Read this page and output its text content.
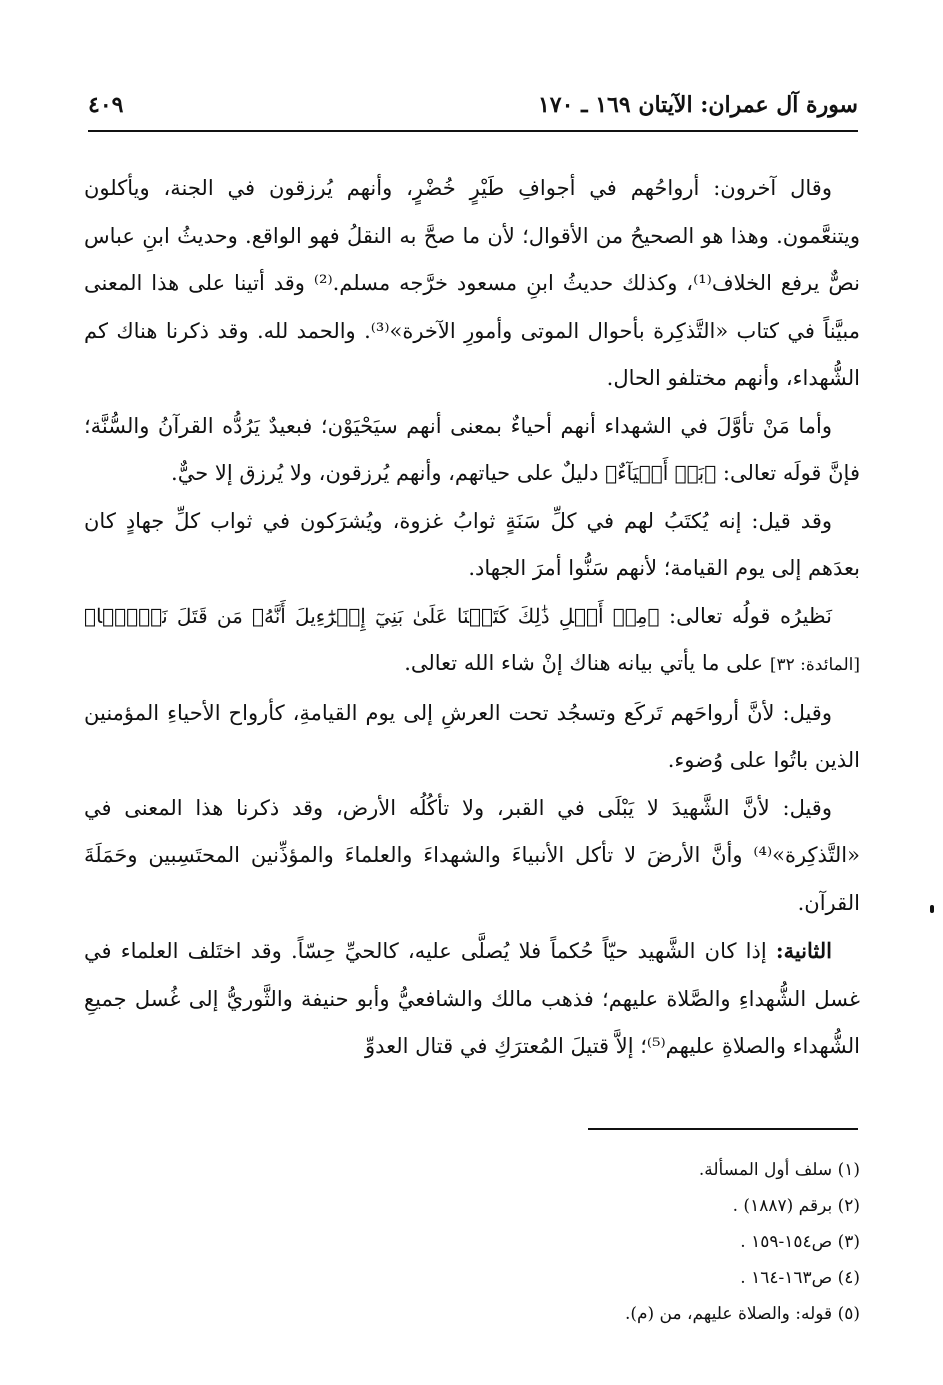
سورة آل عمران: الآيتان ١٦٩ ـ ١٧٠
٤٠٩

وقال آخرون: أرواحُهم في أجوافِ طَيْرٍ خُضْرٍ، وأنهم يُرزقون في الجنة، ويأكلون ويتنعَّمون. وهذا هو الصحيحُ من الأقوال؛ لأن ما صحَّ به النقلُ فهو الواقع. وحديثُ ابنِ عباس نصٌّ يرفع الخلاف⁽¹⁾، وكذلك حديثُ ابنِ مسعود خرَّجه مسلم.⁽²⁾ وقد أتينا على هذا المعنى مبيَّناً في كتاب «التَّذكِرة بأحوال الموتى وأمورِ الآخرة»⁽³⁾. والحمد لله. وقد ذكرنا هناك كم الشُّهداء، وأنهم مختلفو الحال.

وأما مَنْ تأوَّلَ في الشهداء أنهم أحياءٌ بمعنى أنهم سيَحْيَوْن؛ فبعيدٌ يَرُدُّه القرآنُ والسُّنَّة؛ فإنَّ قولَه تعالى: ﴿بَلۡ أَحۡيَآءٌ﴾ دليلٌ على حياتهم، وأنهم يُرزقون، ولا يُرزق إلا حيٌّ.

وقد قيل: إنه يُكتَبُ لهم في كلِّ سَنَةٍ ثوابُ غزوة، ويُشرَكون في ثواب كلِّ جهادٍ كان بعدَهم إلى يوم القيامة؛ لأنهم سَنُّوا أمرَ الجهاد.

نَظيرُه قولُه تعالى: ﴿مِنۡ أَجۡلِ ذَٰلِكَ كَتَبۡنَا عَلَىٰ بَنِيٓ إِسۡرَٰٓءِيلَ أَنَّهُۥ مَن قَتَلَ نَفۡسَۢا﴾ [المائدة: ٣٢] على ما يأتي بيانه هناك إنْ شاء الله تعالى.

وقيل: لأنَّ أرواحَهم تَركَع وتسجُد تحت العرشِ إلى يوم القيامةِ، كأرواح الأحياءِ المؤمنين الذين باتُوا على وُضوء.

وقيل: لأنَّ الشَّهيدَ لا يَبْلَى في القبر، ولا تأكُلُه الأرض، وقد ذكرنا هذا المعنى في «التَّذكِرة»⁽⁴⁾ وأنَّ الأرضَ لا تأكل الأنبياءَ والشهداءَ والعلماءَ والمؤذِّنين المحتَسِبين وحَمَلَةَ القرآن.

الثانية: إذا كان الشَّهيد حيّاً حُكماً فلا يُصلَّى عليه، كالحيِّ حِسّاً. وقد اختَلف العلماء في غسل الشُّهداءِ والصَّلاة عليهم؛ فذهب مالك والشافعيُّ وأبو حنيفة والثَّوريُّ إلى غُسل جميعِ الشُّهداء والصلاةِ عليهم⁽⁵⁾؛ إلاَّ قتيلَ المُعترَكِ في قتال العدوِّ

(١) سلف أول المسألة.

(٢) برقم (١٨٨٧) .

(٣) ص١٥٤-١٥٩ .

(٤) ص١٦٣-١٦٤ .

(٥) قوله: والصلاة عليهم، من (م).
